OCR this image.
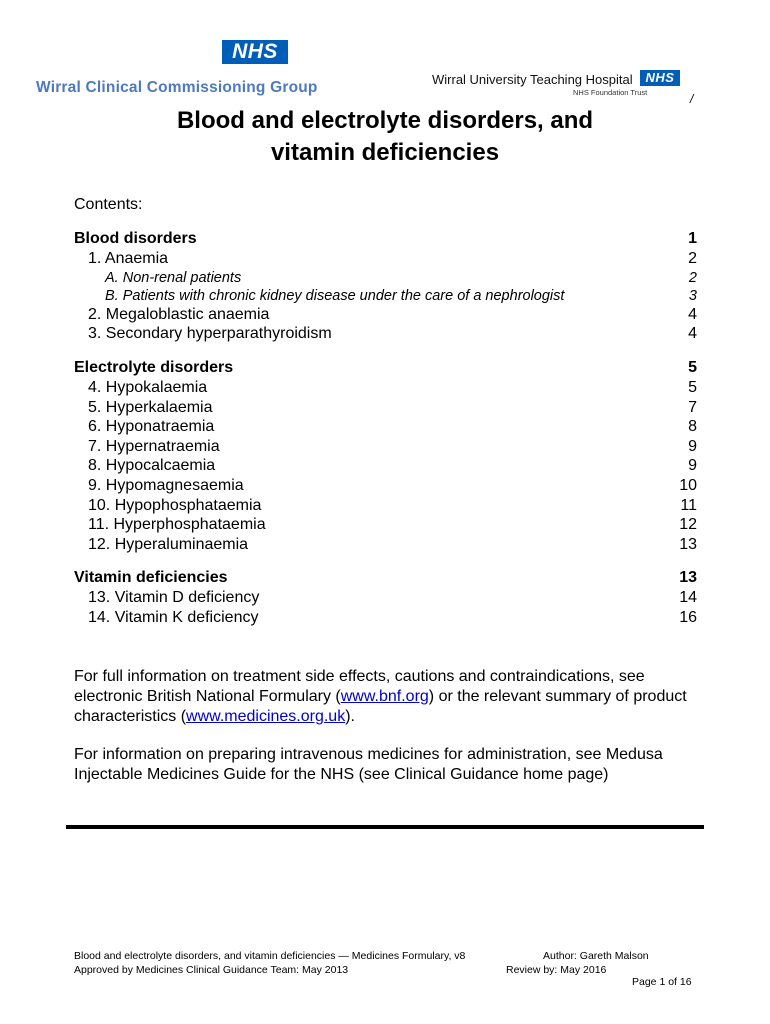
NHS
Wirral Clinical Commissioning Group	Wirral University Teaching Hospital NHS
NHS Foundation Trust	/
Blood and electrolyte disorders, and
vitamin deficiencies
Contents:
Blood disorders	1
1. Anaemia	2
A. Non-renal patients	2
B. Patients with chronic kidney disease under the care of a nephrologist	3
2. Megaloblastic anaemia	4
3. Secondary hyperparathyroidism	4
Electrolyte disorders	5
4. Hypokalaemia	5
5. Hyperkalaemia	7
6. Hyponatraemia	8
7. Hypernatraemia	9
8. Hypocalcaemia	9
9. Hypomagnesaemia	10
10. Hypophosphataemia	11
11. Hyperphosphataemia	12
12. Hyperaluminaemia	13
Vitamin deficiencies	13
13. Vitamin D deficiency	14
14. Vitamin K deficiency	16
For full information on treatment side effects, cautions and contraindications, see electronic British National Formulary (www.bnf.org) or the relevant summary of product characteristics (www.medicines.org.uk).
For information on preparing intravenous medicines for administration, see Medusa Injectable Medicines Guide for the NHS (see Clinical Guidance home page)
Blood and electrolyte disorders, and vitamin deficiencies — Medicines Formulary, v8	Author: Gareth Malson
Approved by Medicines Clinical Guidance Team: May 2013	Review by: May 2016
Page 1 of 16
